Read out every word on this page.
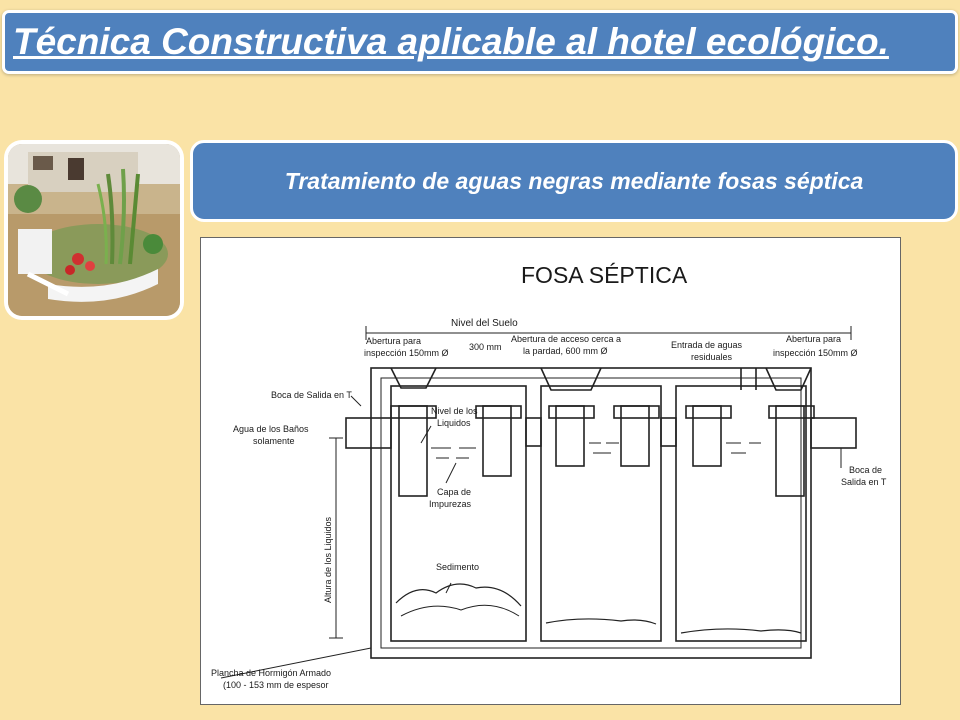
Técnica Constructiva aplicable al hotel ecológico.
Tratamiento de aguas negras mediante fosas séptica
FOSA SÉPTICA
Nivel del Suelo
Abertura para
inspección 150mm Ø
300 mm
Abertura de acceso cerca a
la pardad, 600 mm Ø
Entrada de aguas
residuales
Abertura para
inspección 150mm Ø
Boca de Salida en T
Agua de los Baños
solamente
Nivel de los
Liquidos
Capa de
Impurezas
Boca de
Salida en T
Altura de los Liquidos	Sedimento
Plancha de Hormigón Armado
(100 - 153 mm de espesor
